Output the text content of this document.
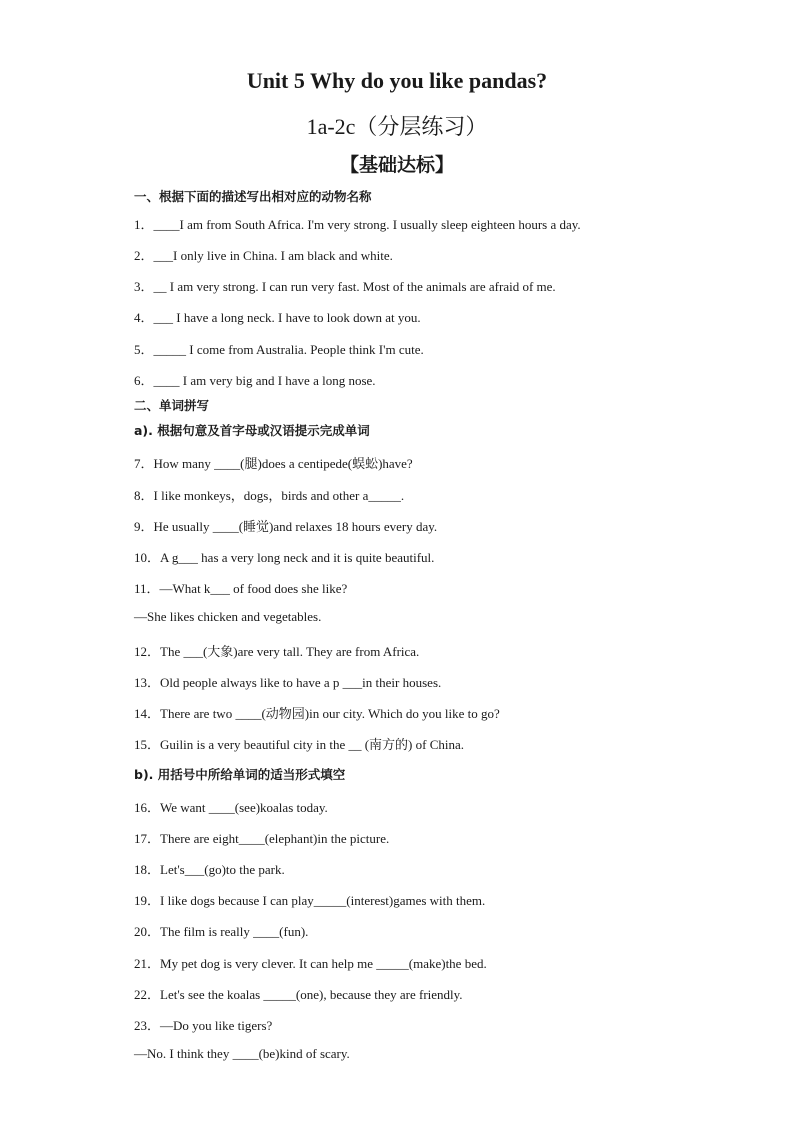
Unit 5 Why do you like pandas?
1a-2c（分层练习）
【基础达标】
一、根据下面的描述写出相对应的动物名称
1．____I am from South Africa. I'm very strong. I usually sleep eighteen hours a day.
2．___I only live in China. I am black and white.
3．__ I am very strong. I can run very fast. Most of the animals are afraid of me.
4．___ I have a long neck. I have to look down at you.
5．_____ I come from Australia. People think I'm cute.
6．____ I am very big and I have a long nose.
二、单词拼写
a). 根据句意及首字母或汉语提示完成单词
7．How many ____(腿)does a centipede(蜈蚣)have?
8．I like monkeys，dogs，birds and other a_____.
9．He usually ____(睡觉)and relaxes 18 hours every day.
10．A g___ has a very long neck and it is quite beautiful.
11．—What k___ of food does she like?
—She likes chicken and vegetables.
12．The ___(大象)are very tall. They are from Africa.
13．Old people always like to have a p ___in their houses.
14．There are two ____(动物园)in our city. Which do you like to go?
15．Guilin is a very beautiful city in the __ (南方的) of China.
b). 用括号中所给单词的适当形式填空
16．We want ____(see)koalas today.
17．There are eight____(elephant)in the picture.
18．Let's___(go)to the park.
19．I like dogs because I can play_____(interest)games with them.
20．The film is really ____(fun).
21．My pet dog is very clever. It can help me _____(make)the bed.
22．Let's see the koalas _____(one), because they are friendly.
23．—Do you like tigers?
—No. I think they ____(be)kind of scary.
